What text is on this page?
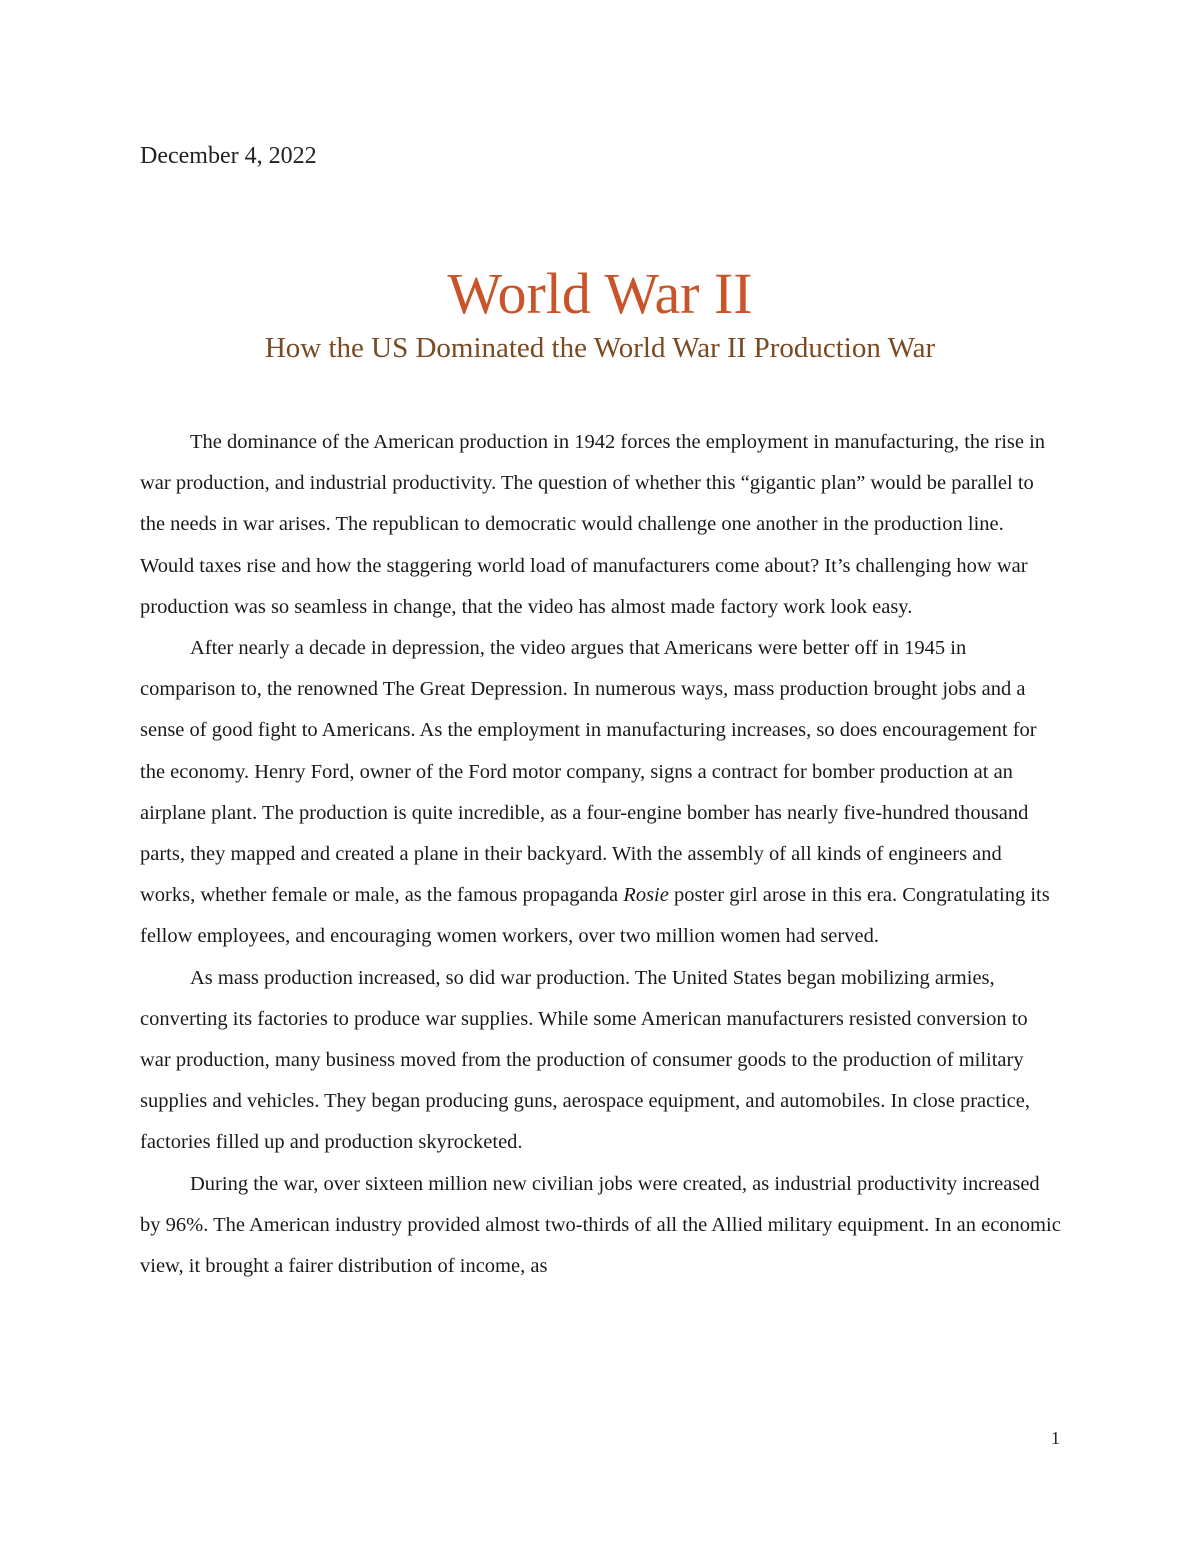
December 4, 2022
World War II
How the US Dominated the World War II Production War

The dominance of the American production in 1942 forces the employment in manufacturing, the rise in war production, and industrial productivity. The question of whether this “gigantic plan” would be parallel to the needs in war arises. The republican to democratic would challenge one another in the production line. Would taxes rise and how the staggering world load of manufacturers come about? It’s challenging how war production was so seamless in change, that the video has almost made factory work look easy.

After nearly a decade in depression, the video argues that Americans were better off in 1945 in comparison to, the renowned The Great Depression. In numerous ways, mass production brought jobs and a sense of good fight to Americans. As the employment in manufacturing increases, so does encouragement for the economy. Henry Ford, owner of the Ford motor company, signs a contract for bomber production at an airplane plant. The production is quite incredible, as a four-engine bomber has nearly five-hundred thousand parts, they mapped and created a plane in their backyard. With the assembly of all kinds of engineers and works, whether female or male, as the famous propaganda Rosie poster girl arose in this era. Congratulating its fellow employees, and encouraging women workers, over two million women had served.

As mass production increased, so did war production. The United States began mobilizing armies, converting its factories to produce war supplies. While some American manufacturers resisted conversion to war production, many business moved from the production of consumer goods to the production of military supplies and vehicles. They began producing guns, aerospace equipment, and automobiles. In close practice, factories filled up and production skyrocketed.

During the war, over sixteen million new civilian jobs were created, as industrial productivity increased by 96%. The American industry provided almost two-thirds of all the Allied military equipment. In an economic view, it brought a fairer distribution of income, as

1
